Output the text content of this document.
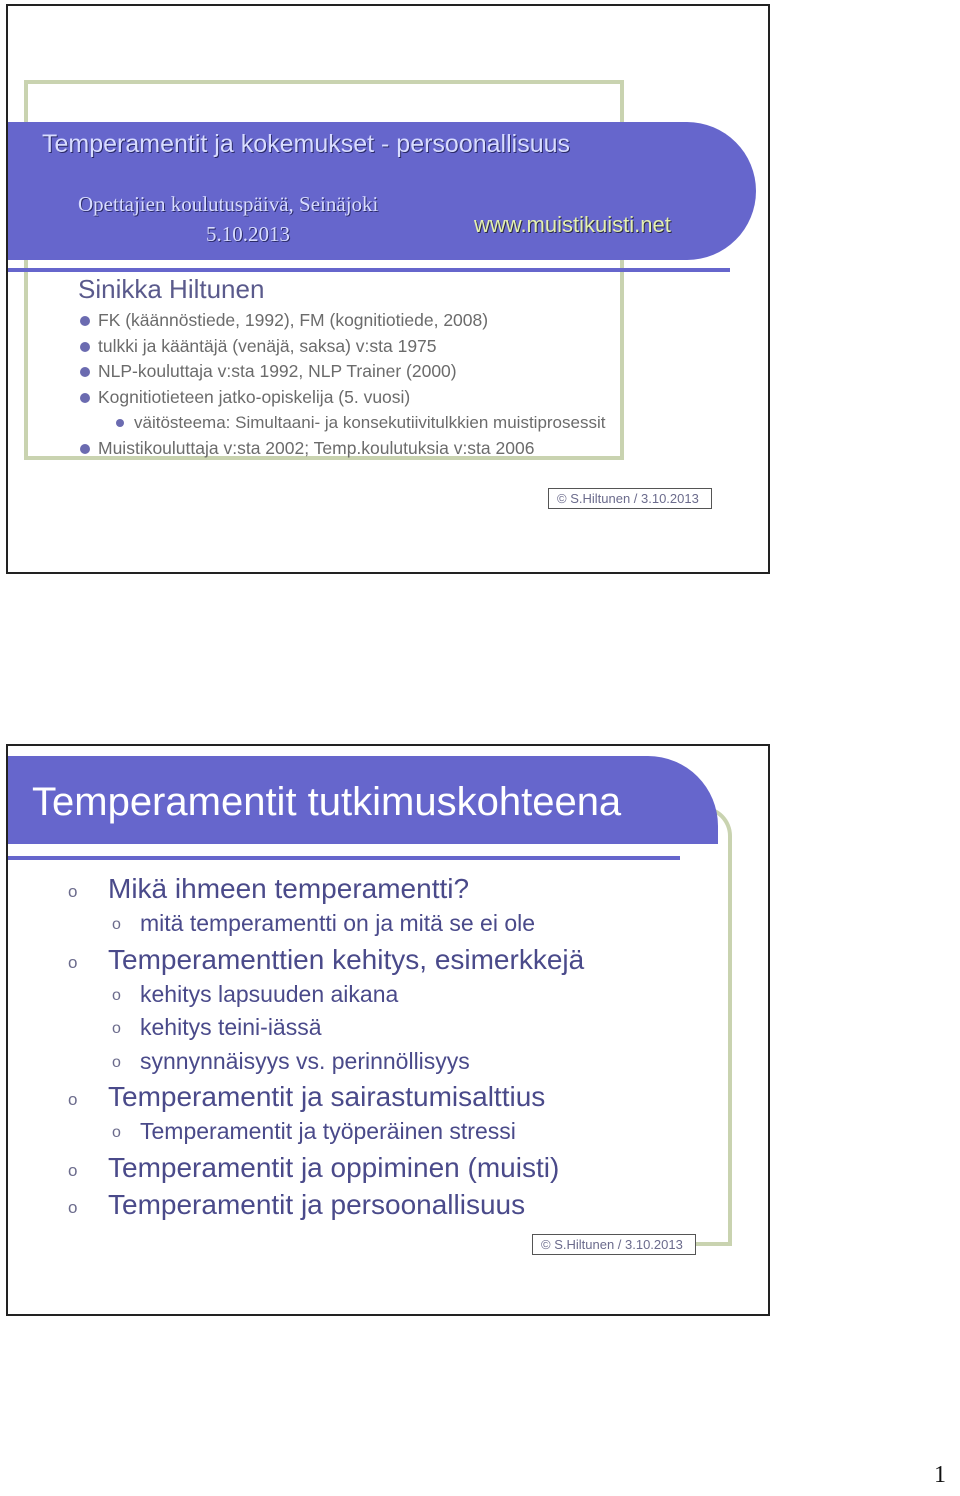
Temperamentit ja kokemukset - persoonallisuus
Opettajien koulutuspäivä, Seinäjoki
5.10.2013	www.muistikuisti.net
Sinikka Hiltunen
FK (käännöstiede, 1992), FM (kognitiotiede, 2008)
tulkki ja kääntäjä (venäjä, saksa) v:sta 1975
NLP-kouluttaja v:sta 1992, NLP Trainer (2000)
Kognitiotieteen jatko-opiskelija (5. vuosi)
väitösteema: Simultaani- ja konsekutiivitulkkien muistiprosessit
Muistikouluttaja v:sta 2002; Temp.koulutuksia v:sta 2006
© S.Hiltunen / 3.10.2013
Temperamentit tutkimuskohteena
o Mikä ihmeen temperamentti?
o mitä temperamentti on ja mitä se ei ole
o Temperamenttien kehitys, esimerkkejä
o kehitys lapsuuden aikana
o kehitys teini-iässä
o synnynnäisyys vs. perinnöllisyys
o Temperamentit ja sairastumisalttius
o Temperamentit ja työperäinen stressi
o Temperamentit ja oppiminen (muisti)
o Temperamentit ja persoonallisuus
© S.Hiltunen / 3.10.2013
1
